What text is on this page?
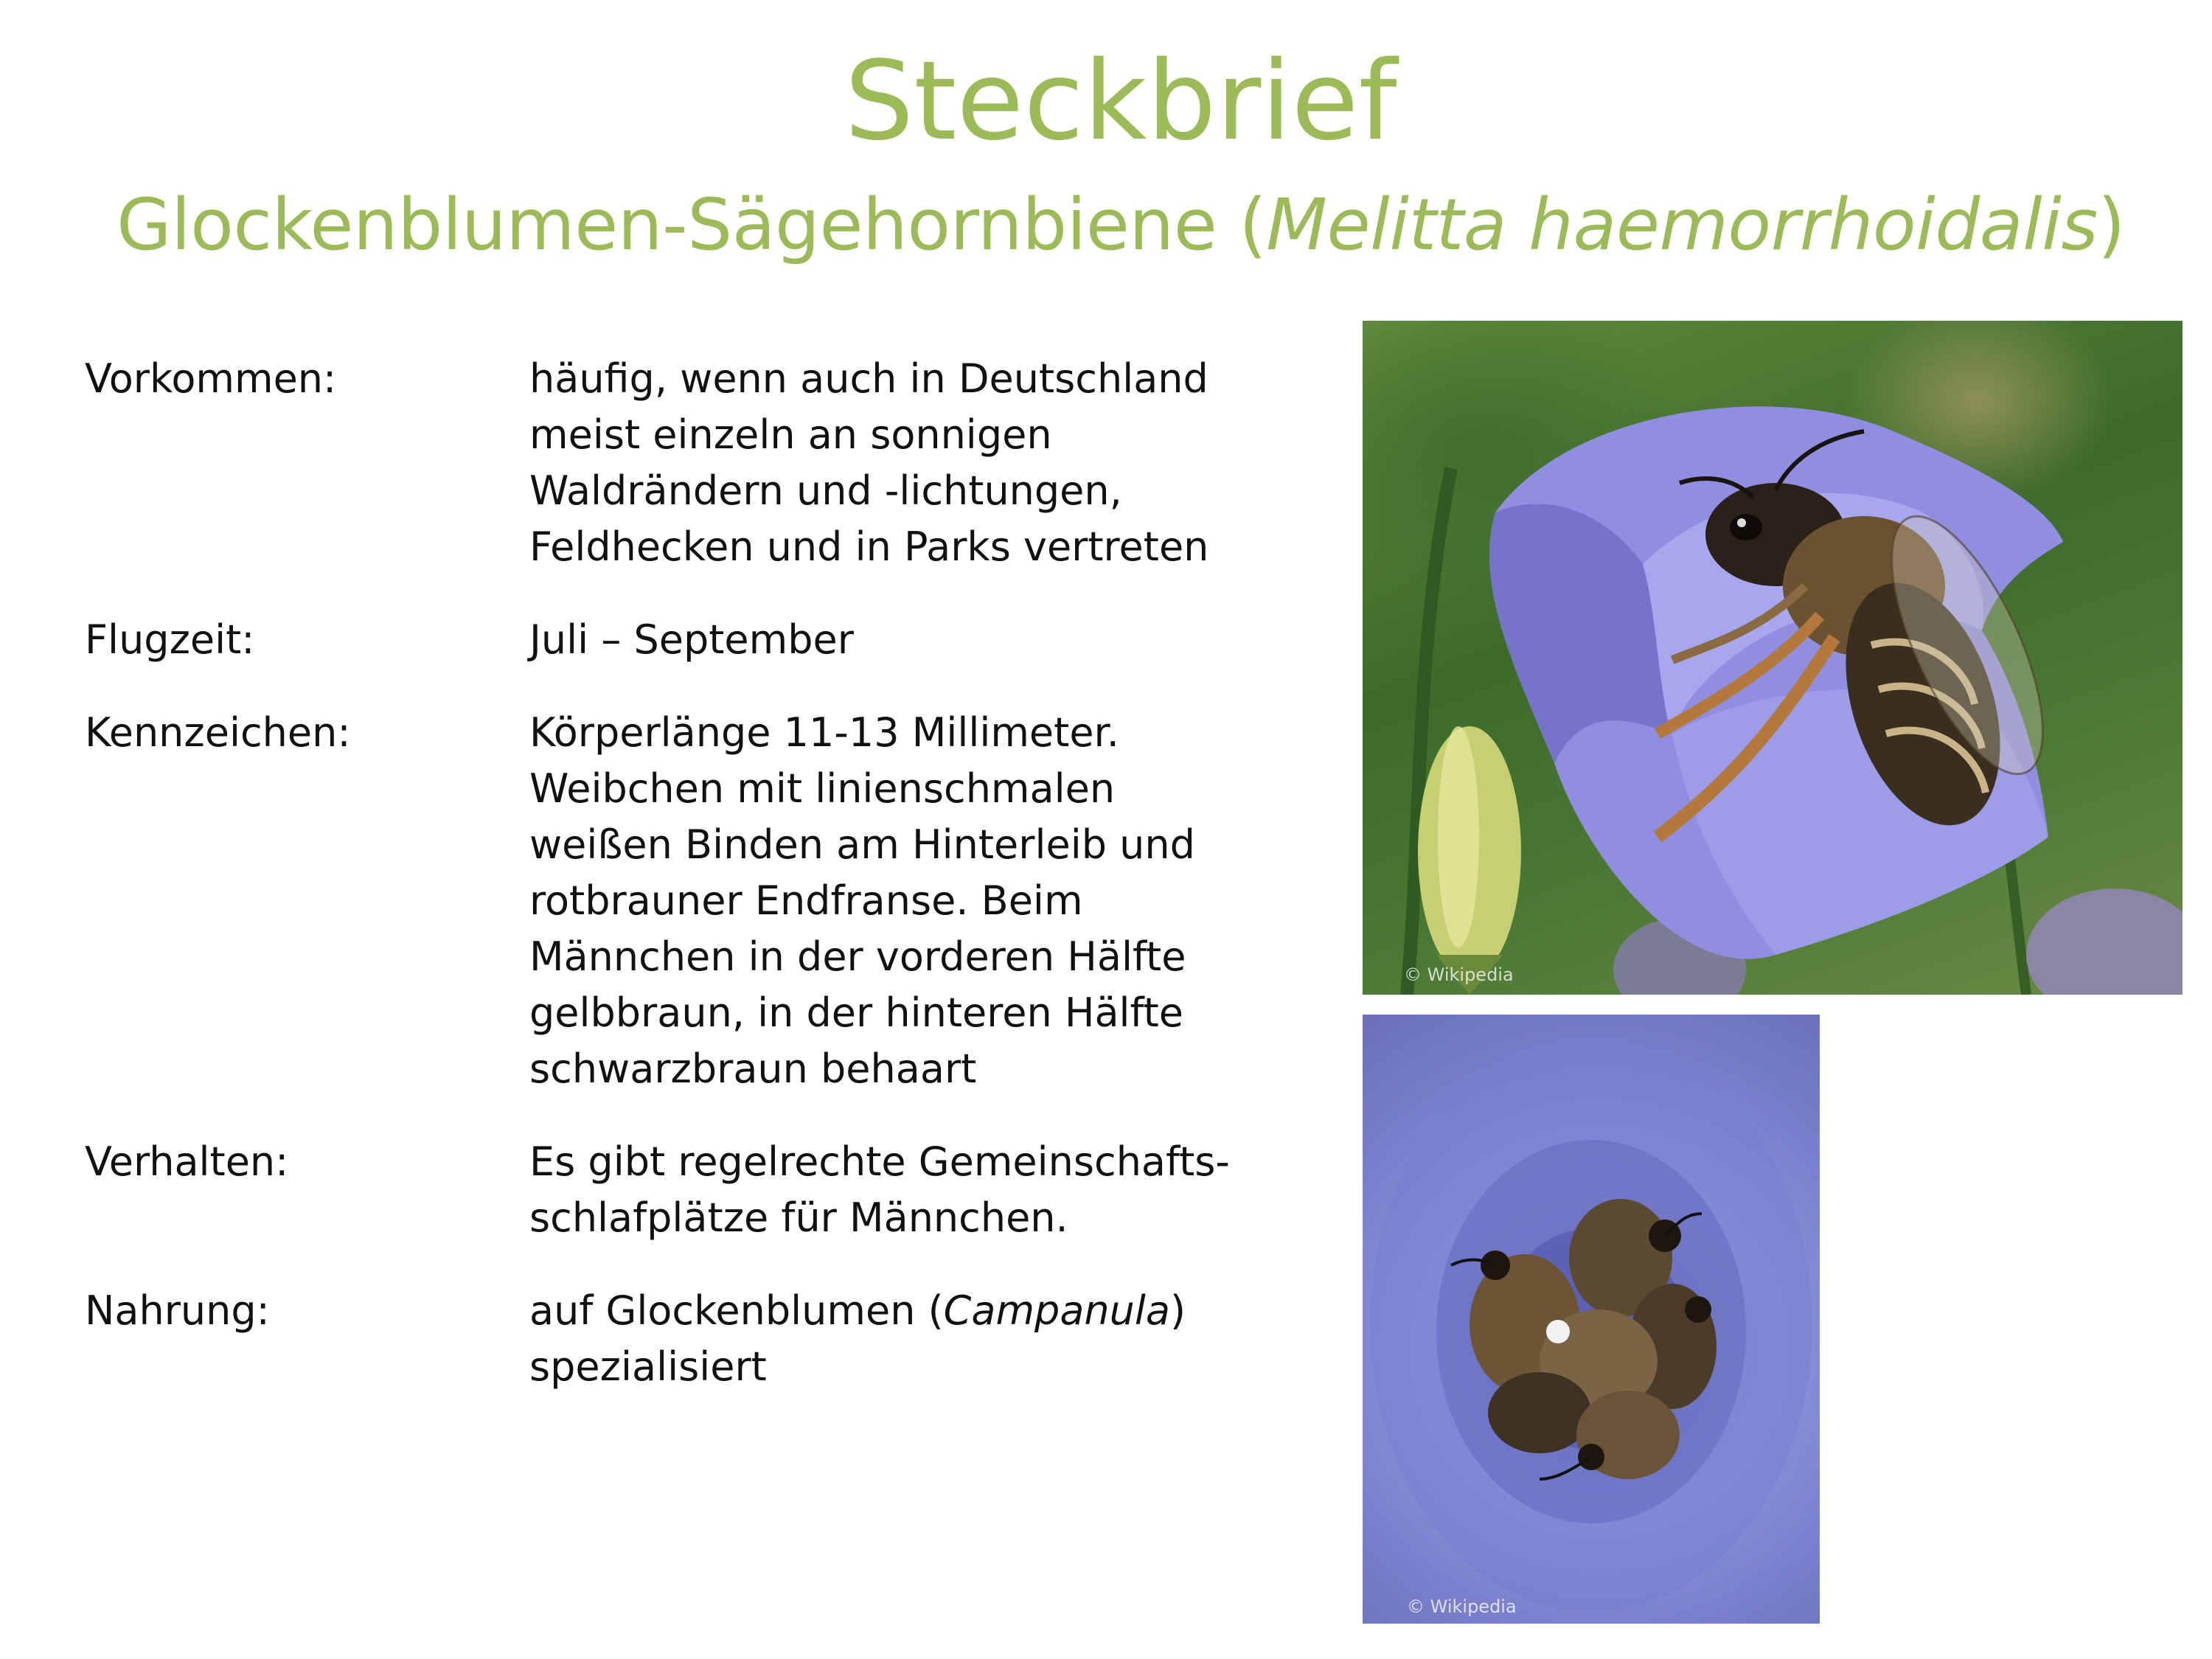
Steckbrief
Glockenblumen-Sägehornbiene (Melitta haemorrhoidalis)
Vorkommen:	häufig, wenn auch in Deutschland meist einzeln an sonnigen Waldrändern und -lichtungen, Feldhecken und in Parks vertreten
Flugzeit:	Juli – September
Kennzeichen:	Körperlänge 11-13 Millimeter. Weibchen mit linienschmalen weißen Binden am Hinterleib und rotbrauner Endfranse. Beim Männchen in der vorderen Hälfte gelbbraun, in der hinteren Hälfte schwarzbraun behaart
Verhalten:	Es gibt regelrechte Gemeinschafts-schlafplätze für Männchen.
Nahrung:	auf Glockenblumen (Campanula) spezialisiert
© Wikipedia
© Wikipedia
